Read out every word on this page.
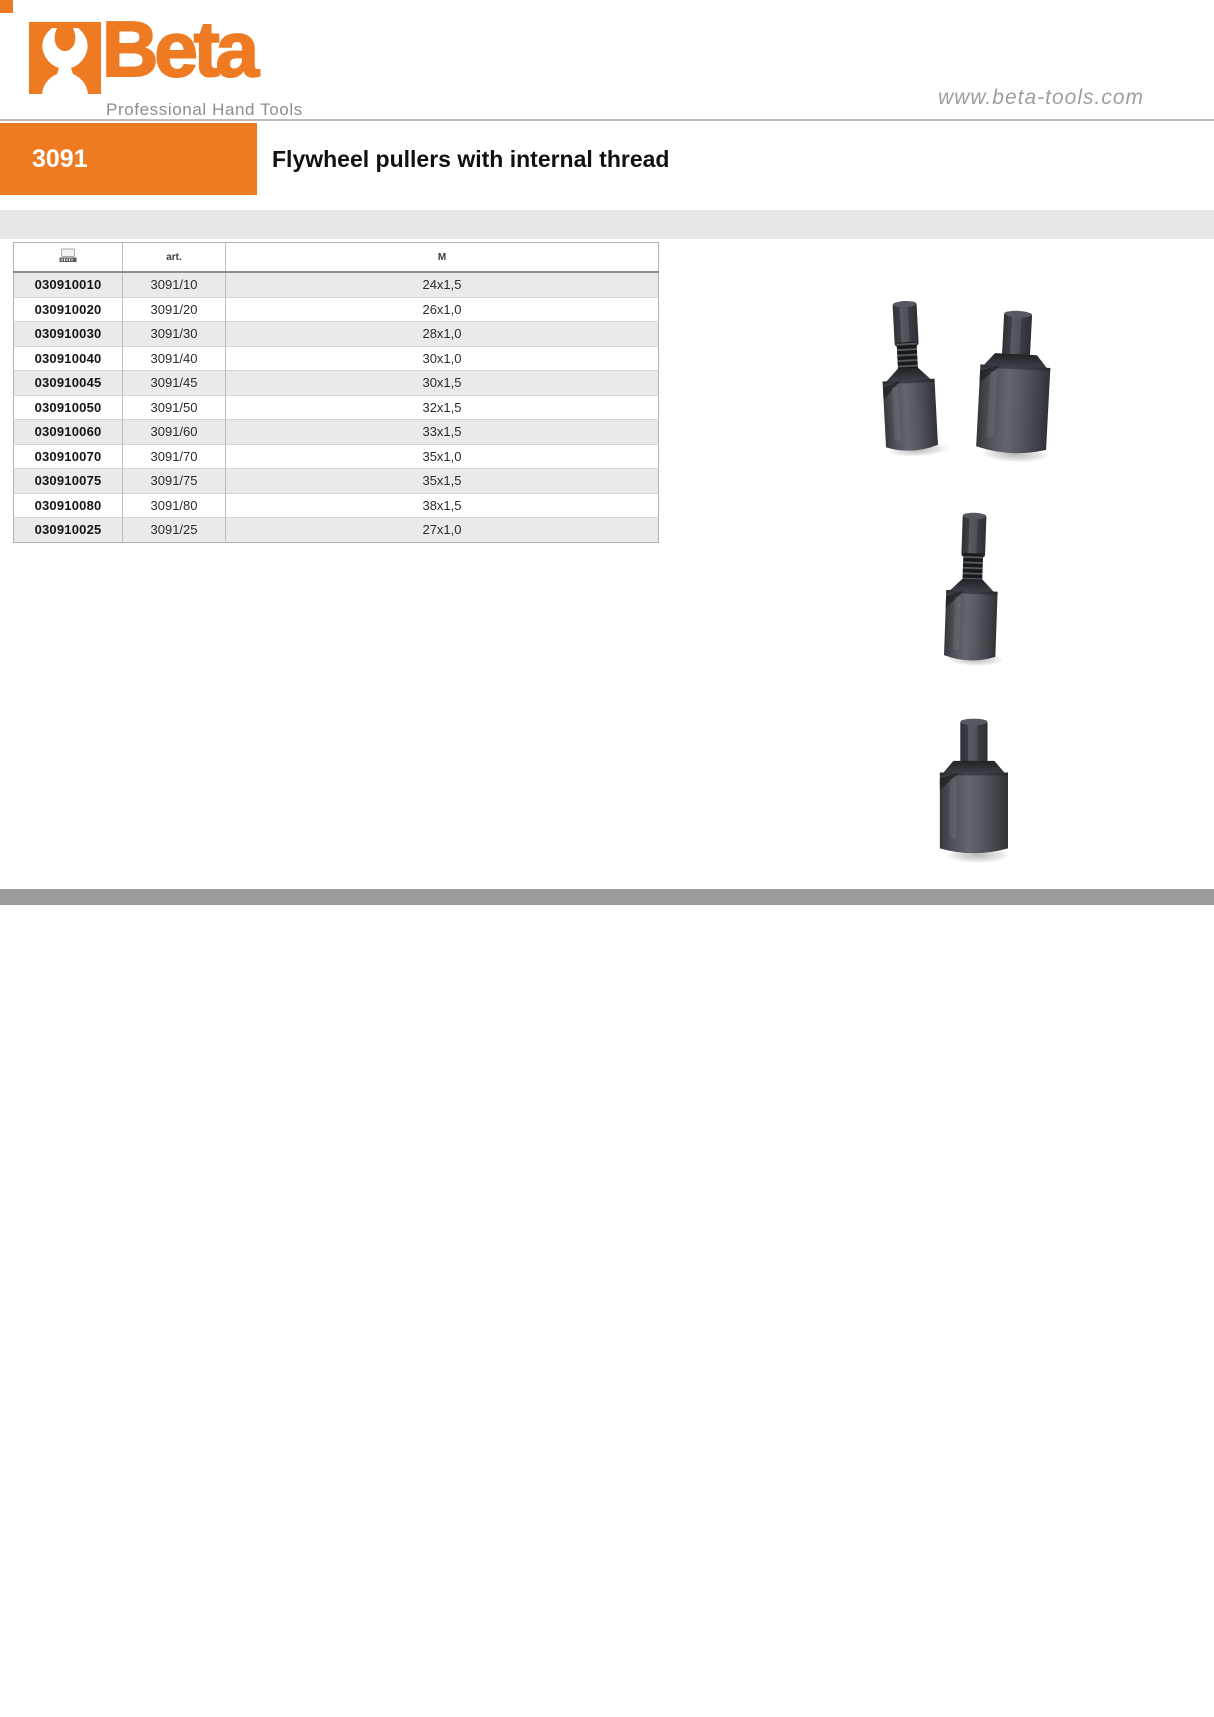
Beta
Professional Hand Tools
www.beta-tools.com
3091	Flywheel pullers with internal thread
	art.	M
030910010	3091/10	24x1,5
030910020	3091/20	26x1,0
030910030	3091/30	28x1,0
030910040	3091/40	30x1,0
030910045	3091/45	30x1,5
030910050	3091/50	32x1,5
030910060	3091/60	33x1,5
030910070	3091/70	35x1,0
030910075	3091/75	35x1,5
030910080	3091/80	38x1,5
030910025	3091/25	27x1,0
